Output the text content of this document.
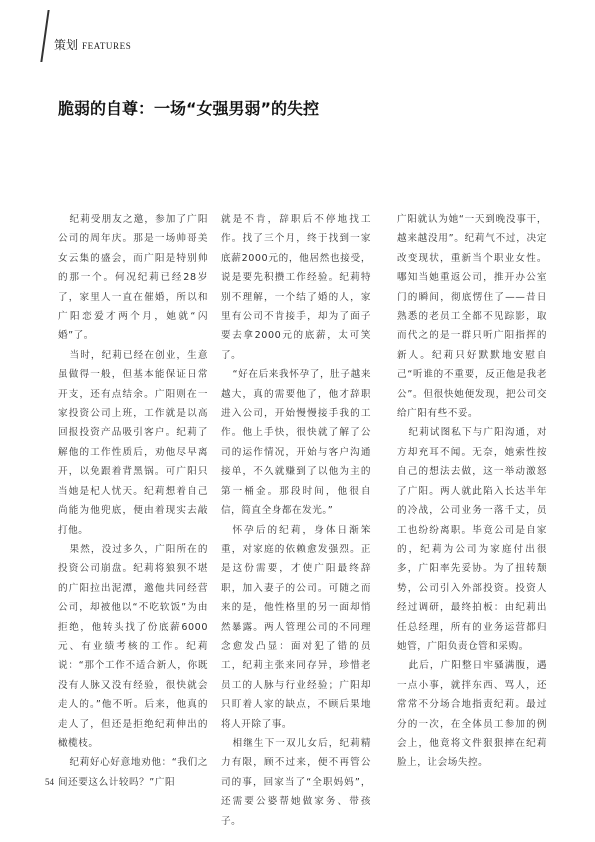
策划 FEATURES
脆弱的自尊：一场“女强男弱”的失控

纪莉受朋友之邀，参加了广阳公司的周年庆。那是一场帅哥美女云集的盛会，而广阳是特别帅的那一个。何况纪莉已经28岁了，家里人一直在催婚，所以和广阳恋爱才两个月，她就“闪婚”了。

当时，纪莉已经在创业，生意虽做得一般，但基本能保证日常开支，还有点结余。广阳则在一家投资公司上班，工作就是以高回报投资产品吸引客户。纪莉了解他的工作性质后，劝他尽早离开，以免跟着背黑锅。可广阳只当她是杞人忧天。纪莉想着自己尚能为他兜底，便由着现实去敲打他。

果然，没过多久，广阳所在的投资公司崩盘。纪莉将狼狈不堪的广阳拉出泥潭，邀他共同经营公司，却被他以“不吃软饭”为由拒绝，他转头找了份底薪6000元、有业绩考核的工作。纪莉说：“那个工作不适合新人，你既没有人脉又没有经验，很快就会走人的。”他不听。后来，他真的走人了，但还是拒绝纪莉伸出的橄榄枝。

纪莉好心好意地劝他：“我们之间还要这么计较吗？”广阳

就是不肯，辞职后不停地找工作。找了三个月，终于找到一家底薪2000元的，他居然也接受，说是要先积攒工作经验。纪莉特别不理解，一个结了婚的人，家里有公司不肯接手，却为了面子要去拿2000元的底薪，太可笑了。

“好在后来我怀孕了，肚子越来越大，真的需要他了，他才辞职进入公司，开始慢慢接手我的工作。他上手快，很快就了解了公司的运作情况，开始与客户沟通接单，不久就赚到了以他为主的第一桶金。那段时间，他很自信，简直全身都在发光。”

怀孕后的纪莉，身体日渐笨重，对家庭的依赖愈发强烈。正是这份需要，才使广阳最终辞职，加入妻子的公司。可随之而来的是，他性格里的另一面却悄然暴露。两人管理公司的不同理念愈发凸显：面对犯了错的员工，纪莉主张来同存异，珍惜老员工的人脉与行业经验；广阳却只盯着人家的缺点，不顾后果地将人开除了事。

相继生下一双儿女后，纪莉精力有限，顾不过来，便不再管公司的事，回家当了“全职妈妈”，还需要公婆帮她做家务、带孩子。

广阳就认为她“一天到晚没事干，越来越没用”。纪莉气不过，决定改变现状，重新当个职业女性。哪知当她重返公司，推开办公室门的瞬间，彻底愣住了——昔日熟悉的老员工全都不见踪影，取而代之的是一群只听广阳指挥的新人。纪莉只好默默地安慰自己“听谁的不重要，反正他是我老公”。但很快她便发现，把公司交给广阳有些不妥。

纪莉试图私下与广阳沟通，对方却充耳不闻。无奈，她索性按自己的想法去做，这一举动激怒了广阳。两人就此陷入长达半年的冷战，公司业务一落千丈，员工也纷纷离职。毕竟公司是自家的，纪莉为公司为家庭付出很多，广阳率先妥协。为了扭转颓势，公司引入外部投资。投资人经过调研，最终拍板：由纪莉出任总经理，所有的业务运营都归她管，广阳负责仓管和采购。

此后，广阳整日牢骚满腹，遇一点小事，就拌东西、骂人，还常常不分场合地指责纪莉。最过分的一次，在全体员工参加的例会上，他竟将文件狠狠摔在纪莉脸上，让会场失控。

54
